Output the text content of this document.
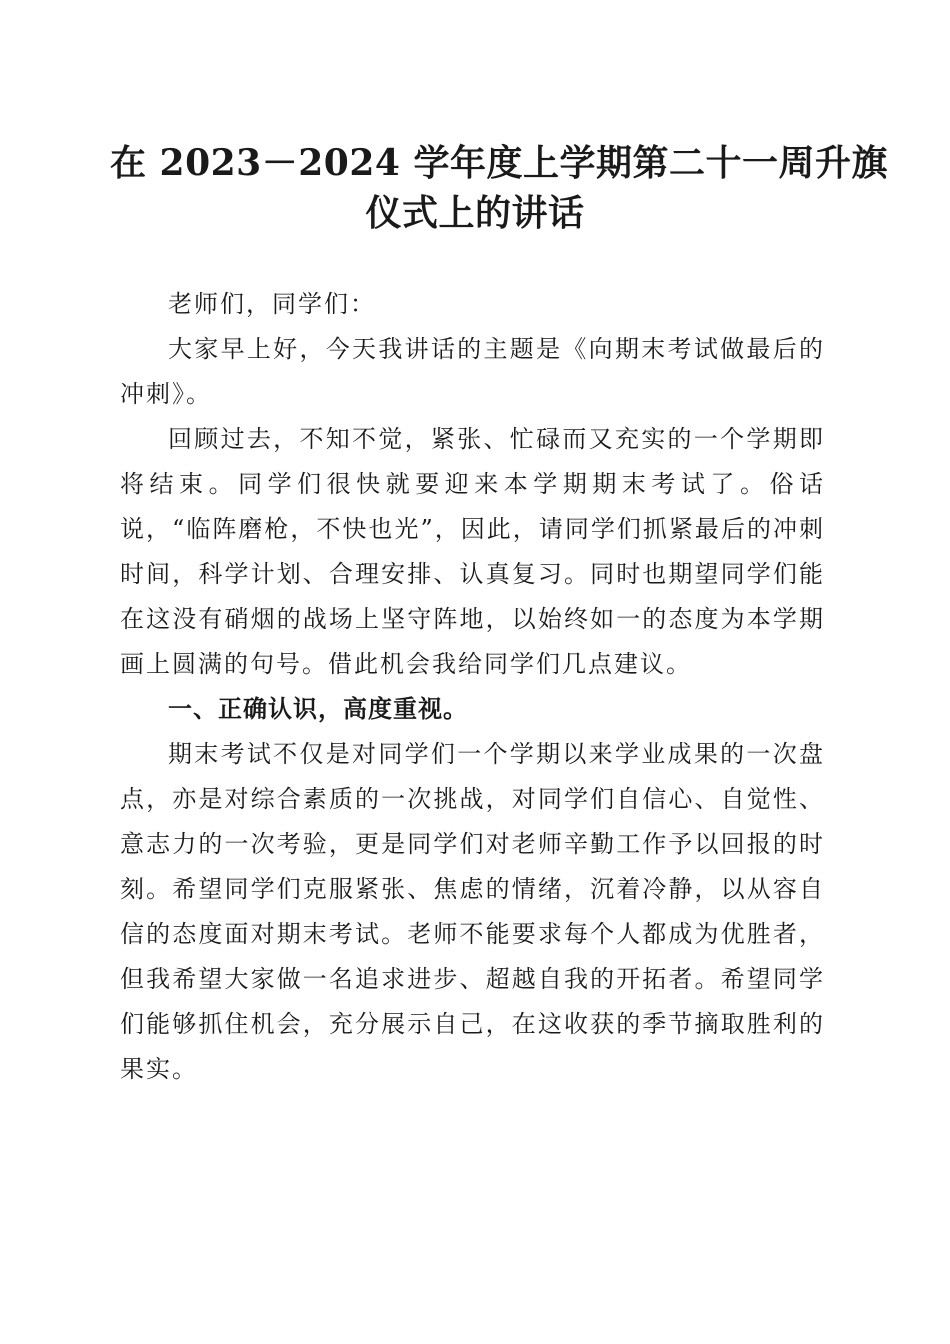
在 2023－2024 学年度上学期第二十一周升旗
仪式上的讲话

老师们，同学们：

大家早上好，今天我讲话的主题是《向期末考试做最后的冲刺》。

回顾过去，不知不觉，紧张、忙碌而又充实的一个学期即将结束。同学们很快就要迎来本学期期末考试了。俗话说，“临阵磨枪，不快也光”，因此，请同学们抓紧最后的冲刺时间，科学计划、合理安排、认真复习。同时也期望同学们能在这没有硝烟的战场上坚守阵地，以始终如一的态度为本学期画上圆满的句号。借此机会我给同学们几点建议。

一、正确认识，高度重视。

期末考试不仅是对同学们一个学期以来学业成果的一次盘点，亦是对综合素质的一次挑战，对同学们自信心、自觉性、意志力的一次考验，更是同学们对老师辛勤工作予以回报的时刻。希望同学们克服紧张、焦虑的情绪，沉着冷静，以从容自信的态度面对期末考试。老师不能要求每个人都成为优胜者，但我希望大家做一名追求进步、超越自我的开拓者。希望同学们能够抓住机会，充分展示自己，在这收获的季节摘取胜利的果实。
